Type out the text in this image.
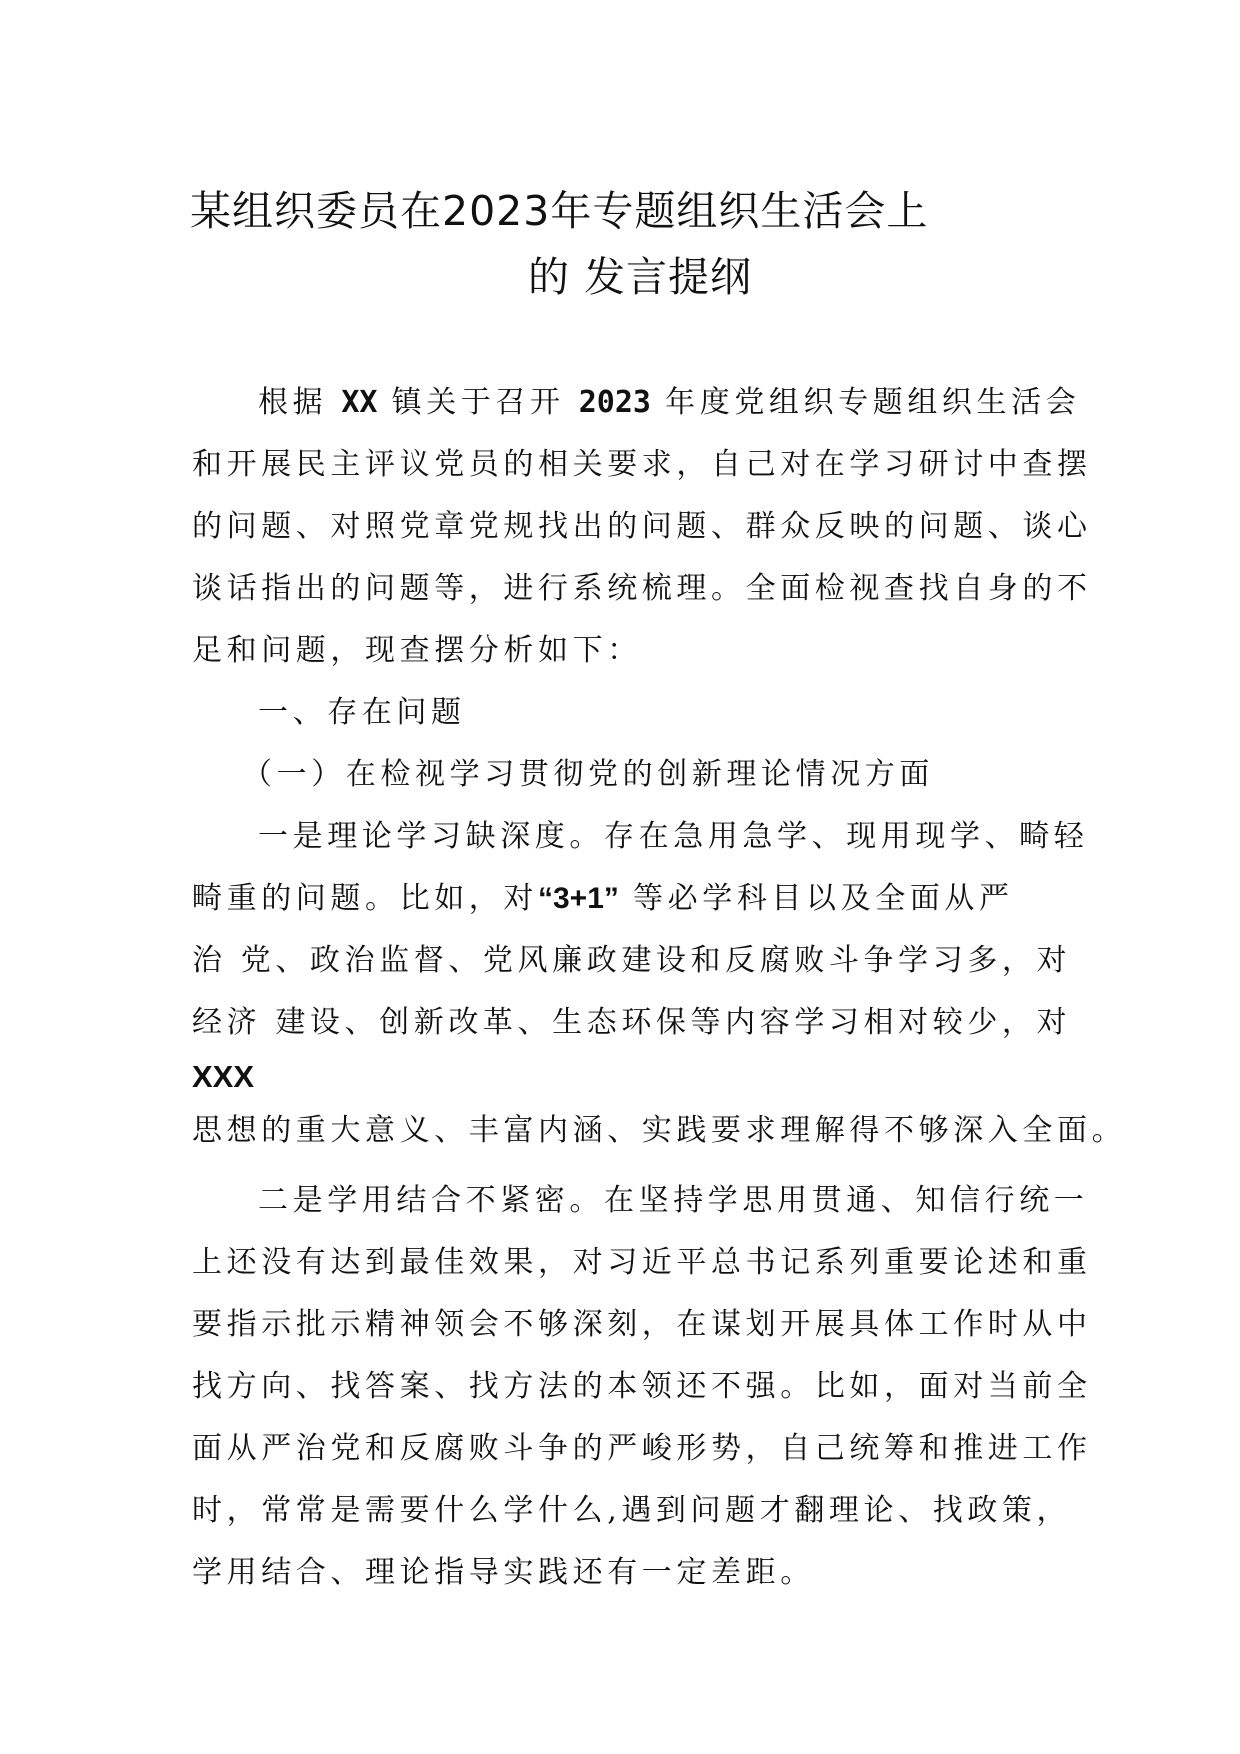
某组织委员在2023年专题组织生活会上
的 发言提纲
根据 XX 镇关于召开 2023 年度党组织专题组织生活会
和开展民主评议党员的相关要求，自己对在学习研讨中查摆
的问题、对照党章党规找出的问题、群众反映的问题、谈心
谈话指出的问题等，进行系统梳理。全面检视查找自身的不
足和问题，现查摆分析如下：
一、存在问题
（一）在检视学习贯彻党的创新理论情况方面
一是理论学习缺深度。存在急用急学、现用现学、畸轻
畸重的问题。比如，对“3+1” 等必学科目以及全面从严
治 党、政治监督、党风廉政建设和反腐败斗争学习多，对
经济 建设、创新改革、生态环保等内容学习相对较少，对
XXX
思想的重大意义、丰富内涵、实践要求理解得不够深入全面。
二是学用结合不紧密。在坚持学思用贯通、知信行统一
上还没有达到最佳效果，对习近平总书记系列重要论述和重
要指示批示精神领会不够深刻，在谋划开展具体工作时从中
找方向、找答案、找方法的本领还不强。比如，面对当前全
面从严治党和反腐败斗争的严峻形势，自己统筹和推进工作
时，常常是需要什么学什么,遇到问题才翻理论、找政策，
学用结合、理论指导实践还有一定差距。
